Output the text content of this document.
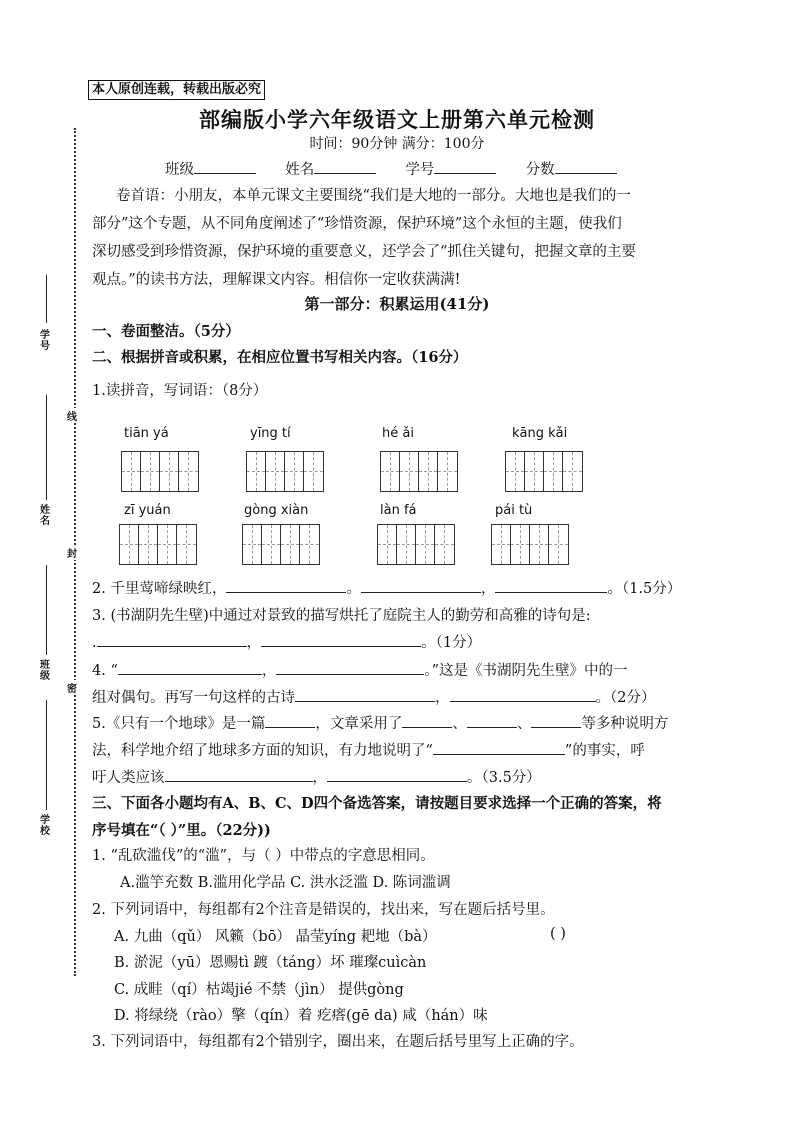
学号
姓名
班级
学校
线
封
密
本人原创连载，转载出版必究
部编版小学六年级语文上册第六单元检测
时间：90分钟 满分：100分
班级	姓名	学号	分数
卷首语：小朋友，本单元课文主要围绕“我们是大地的一部分。大地也是我们的一
部分”这个专题，从不同角度阐述了“珍惜资源，保护环境”这个永恒的主题，使我们
深切感受到珍惜资源，保护环境的重要意义，还学会了“抓住关键句，把握文章的主要
观点。”的读书方法，理解课文内容。相信你一定收获满满!
第一部分：积累运用(41分)
一、卷面整洁。（5分）
二、根据拼音或积累，在相应位置书写相关内容。（16分）
1.读拼音，写词语：（8分）
tiān yá	yīng tí	hé ǎi	kāng kǎi
zī yuán	gòng xiàn	làn fá	pái tù
2. 千里莺啼绿映红，	。	，	。（1.5分）
3. (书湖阴先生壁)中通过对景致的描写烘托了庭院主人的勤劳和高雅的诗句是:
.	，	。（1分）
4. “	，	。”这是《书湖阴先生壁》中的一
组对偶句。再写一句这样的古诗	，	。（2分）
5.《只有一个地球》是一篇	，文章采用了	、	、	等多种说明方
法，科学地介绍了地球多方面的知识，有力地说明了“	”的事实，呼
吁人类应该	，	。（3.5分）
三、下面各小题均有A、B、C、D四个备选答案，请按题目要求选择一个正确的答案，将
序号填在“（ ）”里。（22分))
1. “乱砍滥伐”的“滥”，与（ ）中带点的字意思相同。
A.滥竽充数 B.滥用化学品 C. 洪水泛滥 D. 陈词滥调
2. 下列词语中，每组都有2个注音是错误的，找出来，写在题后括号里。
A. 九曲（qǔ） 风籁（bō） 晶莹yíng 耙地（bà）	( )
B. 淤泥（yū）恩赐tì 踱（táng）坏 璀璨cuìcàn
C. 成畦（qí）枯竭jié 不禁（jìn） 提供gòng
D. 将绿绕（rào）擎（qín）着 疙瘩(gē da) 咸（hán）味
3. 下列词语中，每组都有2个错别字，圈出来，在题后括号里写上正确的字。
